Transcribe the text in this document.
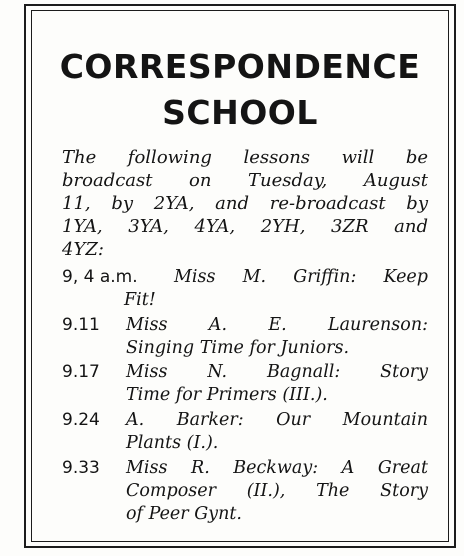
CORRESPONDENCE
SCHOOL
The following lessons will be
broadcast on Tuesday, August
11, by 2YA, and re-broadcast by
1YA, 3YA, 4YA, 2YH, 3ZR and
4YZ:
9, 4 a.m. Miss M. Griffin: Keep
Fit!
9.11 Miss A. E. Laurenson:
Singing Time for Juniors.
9.17 Miss N. Bagnall: Story
Time for Primers (III.).
9.24 A. Barker: Our Mountain
Plants (I.).
9.33 Miss R. Beckway: A Great
Composer (II.), The Story
of Peer Gynt.
